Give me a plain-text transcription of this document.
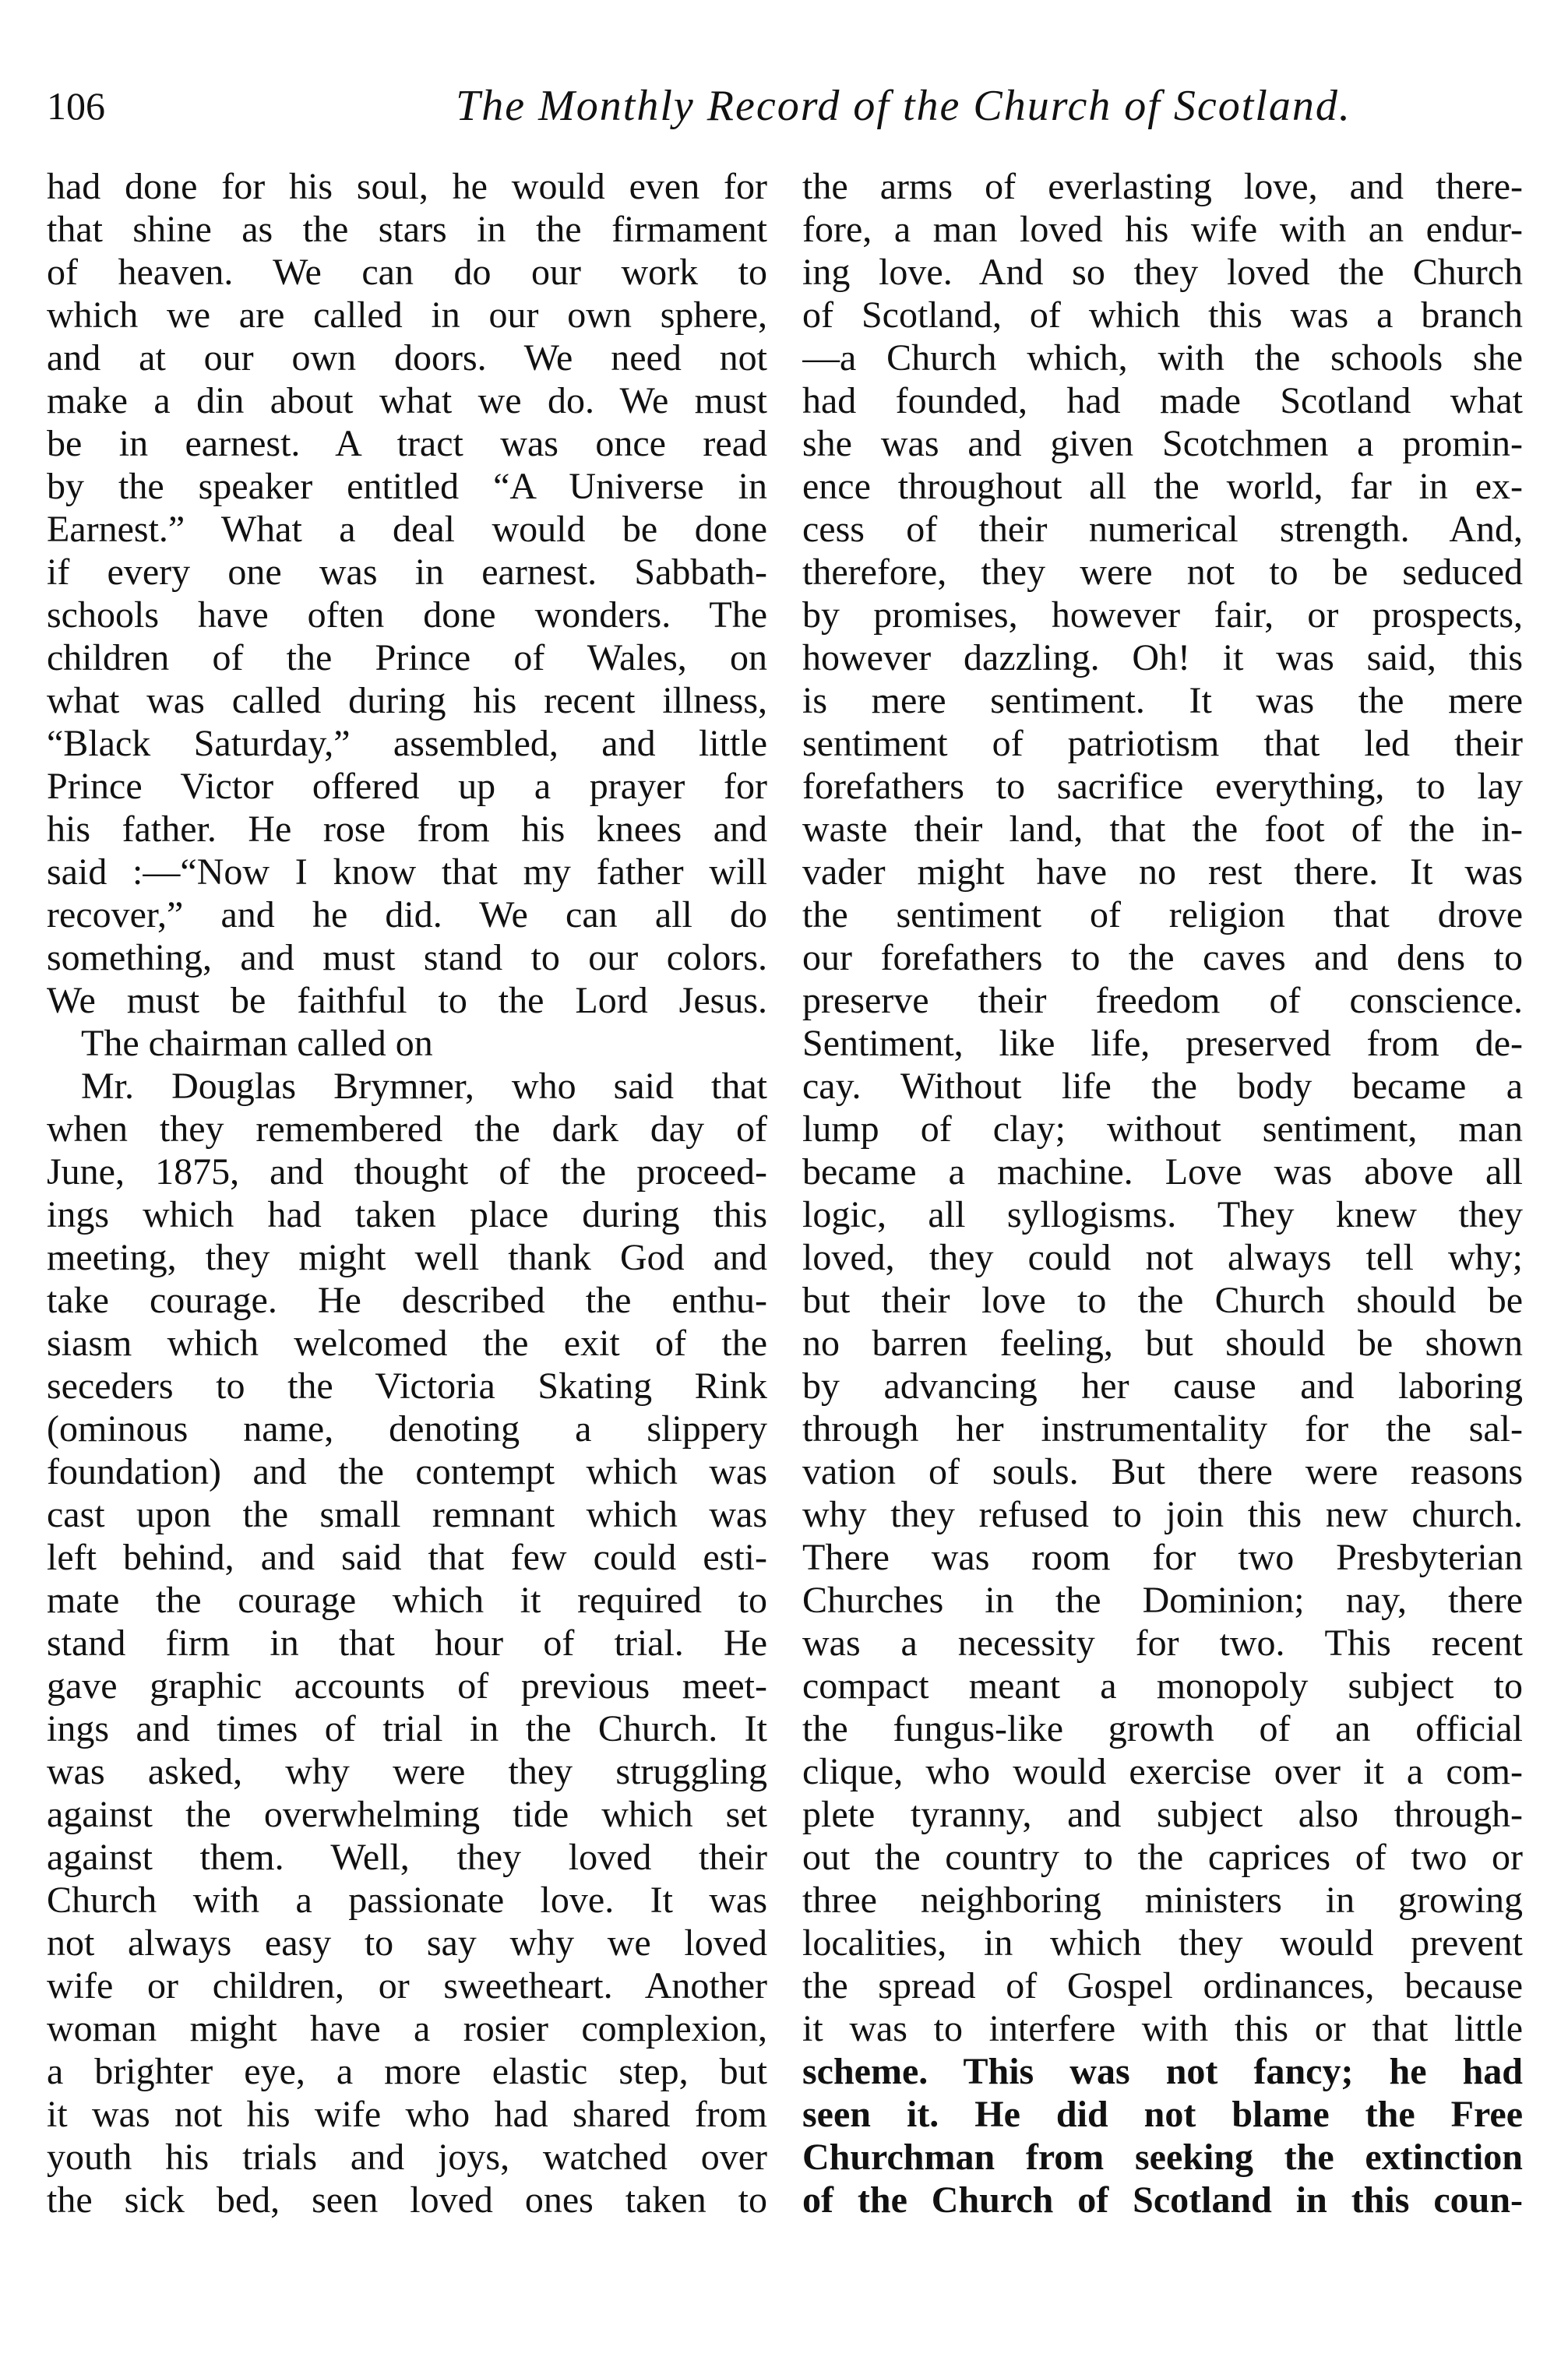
106	The Monthly Record of the Church of Scotland.
had done for his soul, he would even for
that shine as the stars in the firmament
of heaven. We can do our work to
which we are called in our own sphere,
and at our own doors. We need not
make a din about what we do. We must
be in earnest. A tract was once read
by the speaker entitled “A Universe in
Earnest.” What a deal would be done
if every one was in earnest. Sabbath-
schools have often done wonders. The
children of the Prince of Wales, on
what was called during his recent illness,
“Black Saturday,” assembled, and little
Prince Victor offered up a prayer for
his father. He rose from his knees and
said :—“Now I know that my father will
recover,” and he did. We can all do
something, and must stand to our colors.
We must be faithful to the Lord Jesus.
The chairman called on
Mr. Douglas Brymner, who said that
when they remembered the dark day of
June, 1875, and thought of the proceed-
ings which had taken place during this
meeting, they might well thank God and
take courage. He described the enthu-
siasm which welcomed the exit of the
seceders to the Victoria Skating Rink
(ominous name, denoting a slippery
foundation) and the contempt which was
cast upon the small remnant which was
left behind, and said that few could esti-
mate the courage which it required to
stand firm in that hour of trial. He
gave graphic accounts of previous meet-
ings and times of trial in the Church. It
was asked, why were they struggling
against the overwhelming tide which set
against them. Well, they loved their
Church with a passionate love. It was
not always easy to say why we loved
wife or children, or sweetheart. Another
woman might have a rosier complexion,
a brighter eye, a more elastic step, but
it was not his wife who had shared from
youth his trials and joys, watched over
the sick bed, seen loved ones taken to
the arms of everlasting love, and there-
fore, a man loved his wife with an endur-
ing love. And so they loved the Church
of Scotland, of which this was a branch
—a Church which, with the schools she
had founded, had made Scotland what
she was and given Scotchmen a promin-
ence throughout all the world, far in ex-
cess of their numerical strength. And,
therefore, they were not to be seduced
by promises, however fair, or prospects,
however dazzling. Oh! it was said, this
is mere sentiment. It was the mere
sentiment of patriotism that led their
forefathers to sacrifice everything, to lay
waste their land, that the foot of the in-
vader might have no rest there. It was
the sentiment of religion that drove
our forefathers to the caves and dens to
preserve their freedom of conscience.
Sentiment, like life, preserved from de-
cay. Without life the body became a
lump of clay; without sentiment, man
became a machine. Love was above all
logic, all syllogisms. They knew they
loved, they could not always tell why;
but their love to the Church should be
no barren feeling, but should be shown
by advancing her cause and laboring
through her instrumentality for the sal-
vation of souls. But there were reasons
why they refused to join this new church.
There was room for two Presbyterian
Churches in the Dominion; nay, there
was a necessity for two. This recent
compact meant a monopoly subject to
the fungus-like growth of an official
clique, who would exercise over it a com-
plete tyranny, and subject also through-
out the country to the caprices of two or
three neighboring ministers in growing
localities, in which they would prevent
the spread of Gospel ordinances, because
it was to interfere with this or that little
scheme. This was not fancy; he had
seen it. He did not blame the Free
Churchman from seeking the extinction
of the Church of Scotland in this coun-
